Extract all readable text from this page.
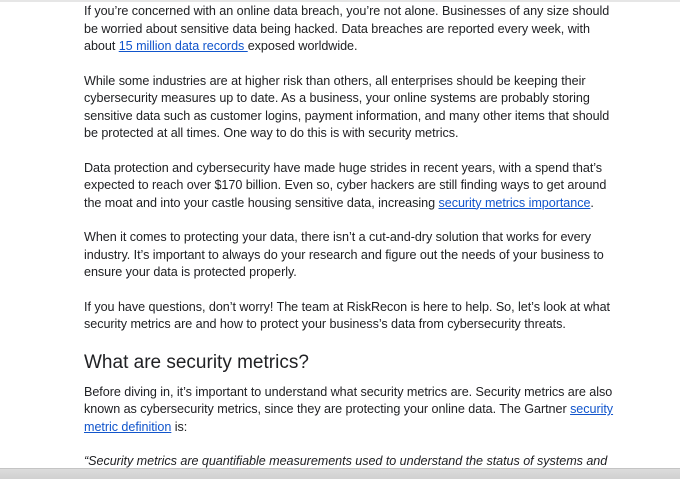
If you’re concerned with an online data breach, you’re not alone. Businesses of any size should be worried about sensitive data being hacked. Data breaches are reported every week, with about 15 million data records exposed worldwide.

While some industries are at higher risk than others, all enterprises should be keeping their cybersecurity measures up to date. As a business, your online systems are probably storing sensitive data such as customer logins, payment information, and many other items that should be protected at all times. One way to do this is with security metrics.

Data protection and cybersecurity have made huge strides in recent years, with a spend that’s expected to reach over $170 billion. Even so, cyber hackers are still finding ways to get around the moat and into your castle housing sensitive data, increasing security metrics importance.

When it comes to protecting your data, there isn’t a cut-and-dry solution that works for every industry. It’s important to always do your research and figure out the needs of your business to ensure your data is protected properly.

If you have questions, don’t worry! The team at RiskRecon is here to help. So, let’s look at what security metrics are and how to protect your business’s data from cybersecurity threats.

What are security metrics?

Before diving in, it’s important to understand what security metrics are. Security metrics are also known as cybersecurity metrics, since they are protecting your online data. The Gartner security metric definition is:

“Security metrics are quantifiable measurements used to understand the status of systems and
